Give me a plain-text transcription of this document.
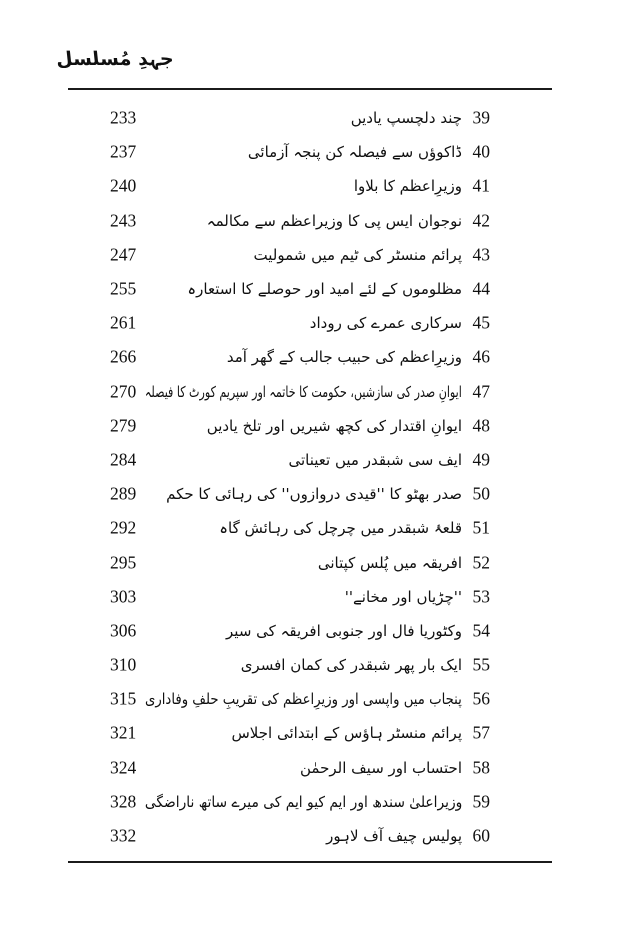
جہدِ مُسلسل
39
چند دلچسپ یادیں
233
40
ڈاکوؤں سے فیصلہ کن پنجہ آزمائی
237
41
وزیرِاعظم کا بلاوا
240
42
نوجوان ایس پی کا وزیراعظم سے مکالمہ
243
43
پرائم منسٹر کی ٹیم میں شمولیت
247
44
مظلوموں کے لئے امید اور حوصلے کا استعارہ
255
45
سرکاری عمرے کی روداد
261
46
وزیرِاعظم کی حبیب جالب کے گھر آمد
266
47
ایوانِ صدر کی سازشیں، حکومت کا خاتمہ اور سپریم کورٹ کا فیصلہ
270
48
ایوانِ اقتدار کی کچھ شیریں اور تلخ یادیں
279
49
ایف سی شبقدر میں تعیناتی
284
50
صدر بھٹو کا ''قیدی دروازوں'' کی رہائی کا حکم
289
51
قلعۂ شبقدر میں چرچل کی رہائش گاہ
292
52
افریقہ میں پُلس کپتانی
295
53
''چڑیاں اور مخانے''
303
54
وکٹوریا فال اور جنوبی افریقہ کی سیر
306
55
ایک بار پھر شبقدر کی کمان افسری
310
56
پنجاب میں واپسی اور وزیرِاعظم کی تقریبِ حلفِ وفاداری
315
57
پرائم منسٹر ہاؤس کے ابتدائی اجلاس
321
58
احتساب اور سیف الرحمٰن
324
59
وزیراعلیٰ سندھ اور ایم کیو ایم کی میرے ساتھ ناراضگی
328
60
پولیس چیف آف لاہور
332
